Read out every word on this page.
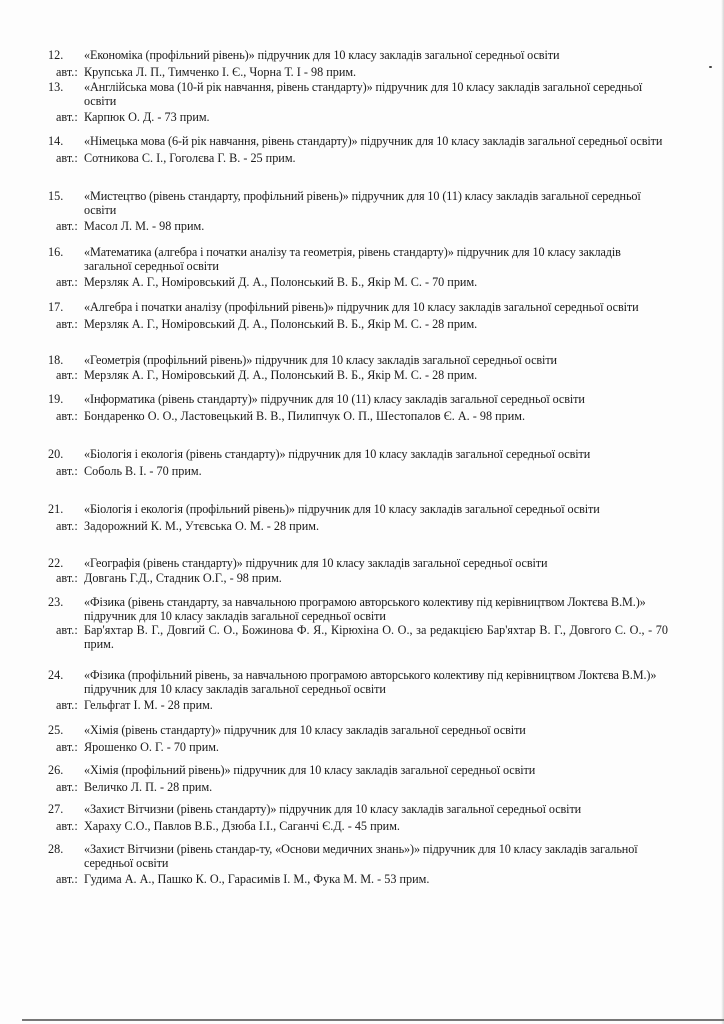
12.	«Економіка (профільний рівень)» підручник для 10 класу закладів загальної середньої освіти
авт.: Крупська Л. П., Тимченко І. Є., Чорна Т. І - 98 прим.
13.	«Англійська мова (10-й рік навчання, рівень стандарту)» підручник для 10 класу закладів загальної середньої освіти
авт.: Карпюк О. Д. - 73 прим.
14.	«Німецька мова (6-й рік навчання, рівень стандарту)» підручник для 10 класу закладів загальної середньої освіти
авт.: Сотникова С. І., Гоголєва Г. В. - 25 прим.
15.	«Мистецтво (рівень стандарту, профільний рівень)» підручник для 10 (11) класу закладів загальної середньої освіти
авт.: Масол Л. М. - 98 прим.
16.	«Математика (алгебра і початки аналізу та геометрія, рівень стандарту)» підручник для 10 класу закладів загальної середньої освіти
авт.: Мерзляк А. Г., Номіровський Д. А., Полонський В. Б., Якір М. С. - 70 прим.
17.	«Алгебра і початки аналізу (профільний рівень)» підручник для 10 класу закладів загальної середньої освіти
авт.: Мерзляк А. Г., Номіровський Д. А., Полонський В. Б., Якір М. С. - 28 прим.
18.	«Геометрія (профільний рівень)» підручник для 10 класу закладів загальної середньої освіти
авт.: Мерзляк А. Г., Номіровський Д. А., Полонський В. Б., Якір М. С. - 28 прим.
19.	«Інформатика (рівень стандарту)» підручник для 10 (11) класу закладів загальної середньої освіти
авт.: Бондаренко О. О., Ластовецький В. В., Пилипчук О. П., Шестопалов Є. А. - 98 прим.
20.	«Біологія і екологія (рівень стандарту)» підручник для 10 класу закладів загальної середньої освіти
авт.: Соболь В. І. - 70 прим.
21.	«Біологія і екологія (профільний рівень)» підручник для 10 класу закладів загальної середньої освіти
авт.: Задорожний К. М., Утєвська О. М. - 28 прим.
22.	«Географія (рівень стандарту)» підручник для 10 класу закладів загальної середньої освіти
авт.: Довгань Г.Д., Стадник О.Г., - 98 прим.
23.	«Фізика (рівень стандарту, за навчальною програмою авторського колективу під керівництвом Локтєва В.М.)» підручник для 10 класу закладів загальної середньої освіти
авт.: Бар'яхтар В. Г., Довгий С. О., Божинова Ф. Я., Кірюхіна О. О., за редакцією Бар'яхтар В. Г., Довгого С. О., - 70 прим.
24.	«Фізика (профільний рівень, за навчальною програмою авторського колективу під керівництвом Локтєва В.М.)» підручник для 10 класу закладів загальної середньої освіти
авт.: Гельфгат І. М. - 28 прим.
25.	«Хімія (рівень стандарту)» підручник для 10 класу закладів загальної середньої освіти
авт.: Ярошенко О. Г. - 70 прим.
26.	«Хімія (профільний рівень)» підручник для 10 класу закладів загальної середньої освіти
авт.: Величко Л. П. - 28 прим.
27.	«Захист Вітчизни (рівень стандарту)» підручник для 10 класу закладів загальної середньої освіти
авт.: Хараху С.О., Павлов В.Б., Дзюба І.І., Саганчі Є.Д. - 45 прим.
28.	«Захист Вітчизни (рівень стандар-ту, «Основи медичних знань»)» підручник для 10 класу закладів загальної середньої освіти
авт.: Гудима А. А., Пашко К. О., Гарасимів І. М., Фука М. М. - 53 прим.
